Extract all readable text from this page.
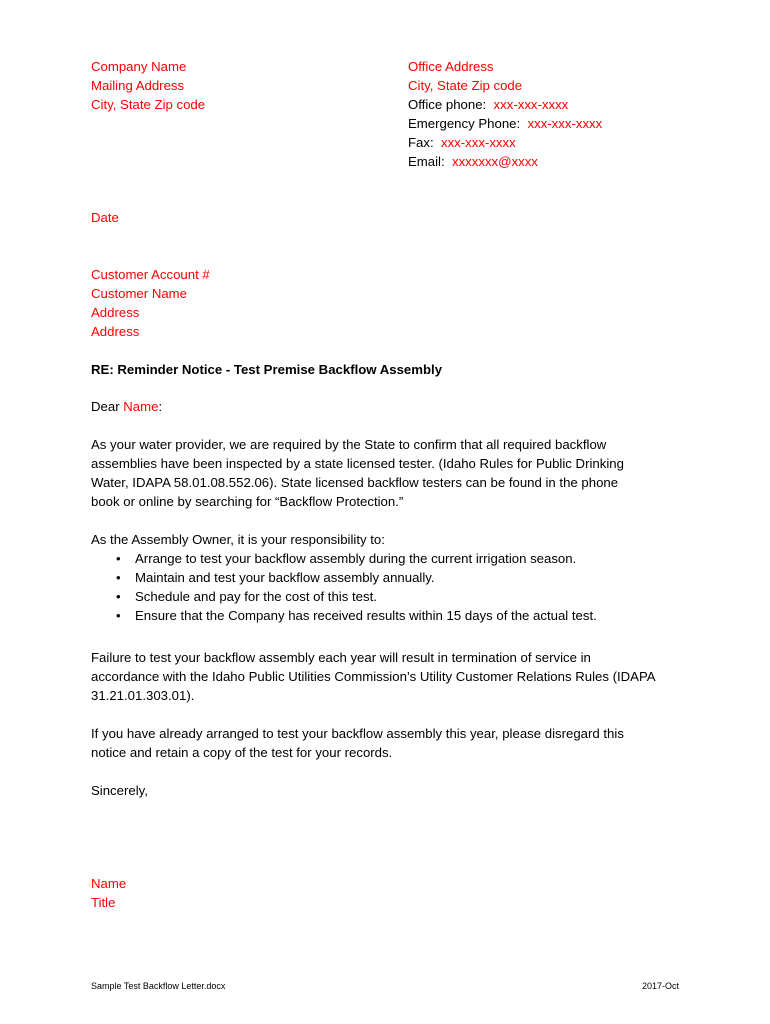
Company Name
Mailing Address
City, State Zip code
Office Address
City, State Zip code
Office phone: xxx-xxx-xxxx
Emergency Phone: xxx-xxx-xxxx
Fax: xxx-xxx-xxxx
Email: xxxxxxx@xxxx
Date
Customer Account #
Customer Name
Address
Address
RE: Reminder Notice - Test Premise Backflow Assembly
Dear Name:
As your water provider, we are required by the State to confirm that all required backflow
assemblies have been inspected by a state licensed tester. (Idaho Rules for Public Drinking
Water, IDAPA 58.01.08.552.06). State licensed backflow testers can be found in the phone
book or online by searching for “Backflow Protection.”
As the Assembly Owner, it is your responsibility to:
• Arrange to test your backflow assembly during the current irrigation season.
• Maintain and test your backflow assembly annually.
• Schedule and pay for the cost of this test.
• Ensure that the Company has received results within 15 days of the actual test.
Failure to test your backflow assembly each year will result in termination of service in
accordance with the Idaho Public Utilities Commission’s Utility Customer Relations Rules (IDAPA
31.21.01.303.01).
If you have already arranged to test your backflow assembly this year, please disregard this
notice and retain a copy of the test for your records.
Sincerely,
Name
Title
Sample Test Backflow Letter.docx	2017-Oct
